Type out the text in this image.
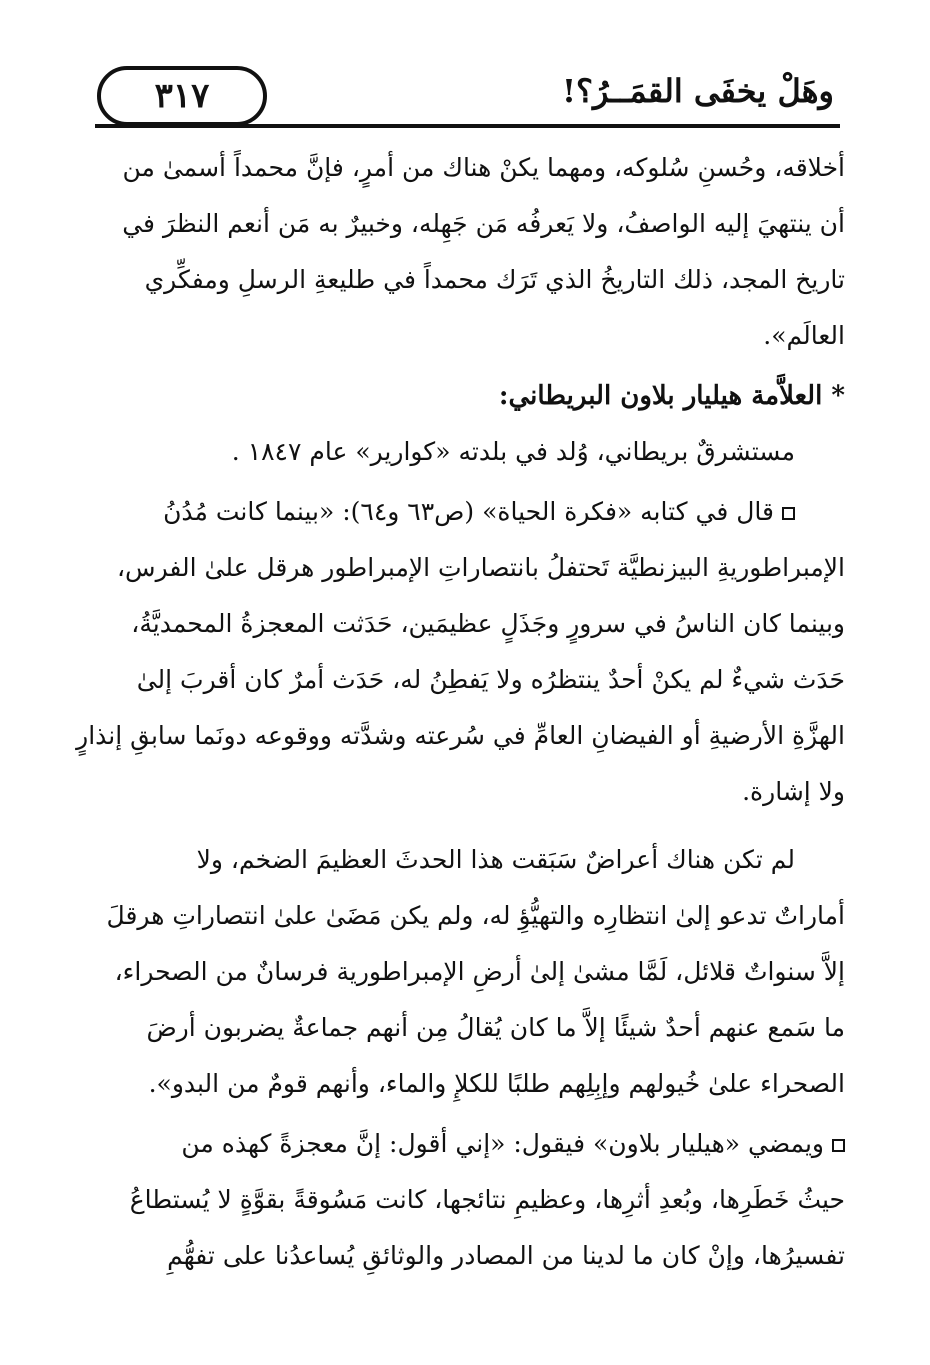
وهَلْ يخفَى القمَــرُ؟!
٣١٧

أخلاقه، وحُسنِ سُلوكه، ومهما يكنْ هناك من أمرٍ، فإنَّ محمداً أسمىٰ من

أن ينتهيَ إليه الواصفُ، ولا يَعرفُه مَن جَهِله، وخبيرٌ به مَن أنعم النظرَ في

تاريخ المجد، ذلك التاريخُ الذي تَرَك محمداً في طليعةِ الرسلِ ومفكِّري

العالَم».

* العلاَّمة هيليار بلاون البريطاني:

مستشرقٌ بريطاني، وُلد في بلدته «كوارير» عام ١٨٤٧ .

قال في كتابه «فكرة الحياة» (ص٦٣ و٦٤): «بينما كانت مُدُنُ

الإمبراطوريةِ البيزنطيَّة تَحتفلُ بانتصاراتِ الإمبراطور هرقل علىٰ الفرس،

وبينما كان الناسُ في سرورٍ وجَذَلٍ عظيمَين، حَدَثت المعجزةُ المحمديَّةُ،

حَدَث شيءٌ لم يكنْ أحدٌ ينتظرُه ولا يَفطِنُ له، حَدَث أمرٌ كان أقربَ إلىٰ

الهزَّةِ الأرضيةِ أو الفيضانِ العامِّ في سُرعته وشدَّته ووقوعه دونَما سابقِ إنذارٍ

ولا إشارة.

لم تكن هناك أعراضٌ سَبَقت هذا الحدثَ العظيمَ الضخم، ولا

أماراتٌ تدعو إلىٰ انتظارِه والتهيُّؤِ له، ولم يكن مَضَىٰ علىٰ انتصاراتِ هرقلَ

إلاَّ سنواتٌ قلائل، لَمَّا مشىٰ إلىٰ أرضِ الإمبراطورية فرسانٌ من الصحراء،

ما سَمع عنهم أحدٌ شيئًا إلاَّ ما كان يُقالُ مِن أنهم جماعةٌ يضربون أرضَ

الصحراء علىٰ خُيولهم وإبِلِهم طلبًا للكلإِ والماء، وأنهم قومٌ من البدو».

ويمضي «هيليار بلاون» فيقول: «إني أقول: إنَّ معجزةً كهذه من

حيثُ خَطَرِها، وبُعدِ أثرِها، وعظيمِ نتائجها، كانت مَسُوقةً بقوَّةٍ لا يُستطاعُ

تفسيرُها، وإنْ كان ما لدينا من المصادر والوثائقِ يُساعدُنا على تفهُّمِ
